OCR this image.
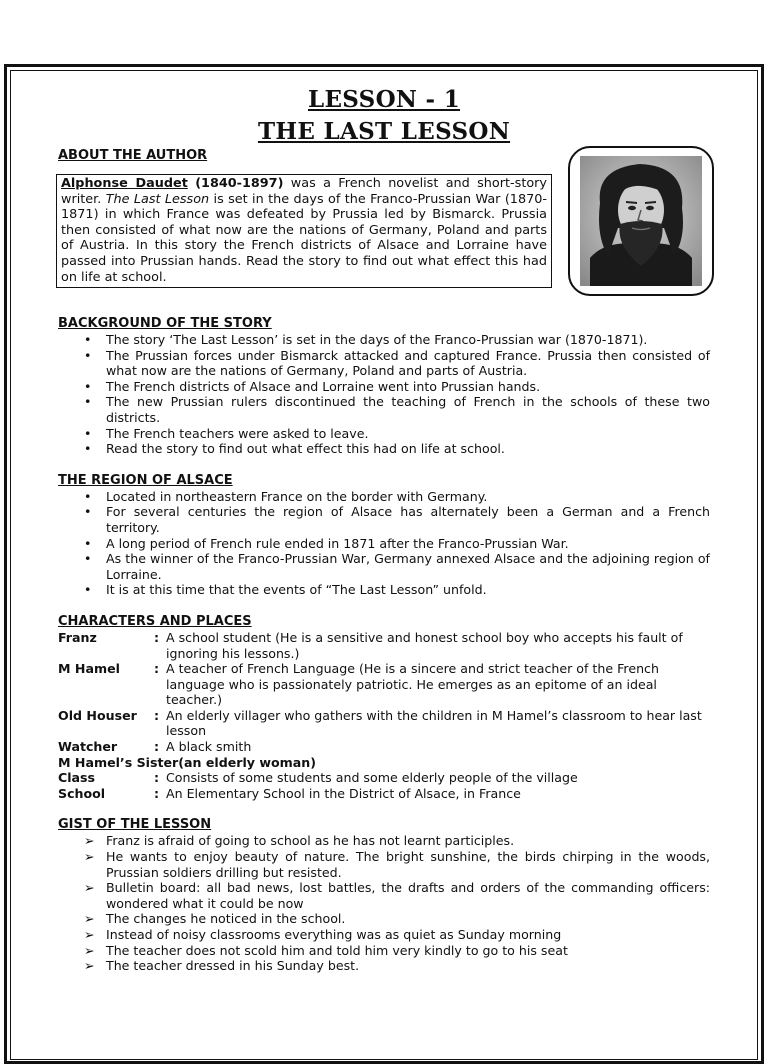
LESSON - 1
THE LAST LESSON
ABOUT THE AUTHOR
Alphonse Daudet (1840-1897) was a French novelist and short-story writer. The Last Lesson is set in the days of the Franco-Prussian War (1870-1871) in which France was defeated by Prussia led by Bismarck. Prussia then consisted of what now are the nations of Germany, Poland and parts of Austria. In this story the French districts of Alsace and Lorraine have passed into Prussian hands. Read the story to find out what effect this had on life at school.
BACKGROUND OF THE STORY
• The story ‘The Last Lesson’ is set in the days of the Franco-Prussian war (1870-1871).
• The Prussian forces under Bismarck attacked and captured France. Prussia then consisted of what now are the nations of Germany, Poland and parts of Austria.
• The French districts of Alsace and Lorraine went into Prussian hands.
• The new Prussian rulers discontinued the teaching of French in the schools of these two districts.
• The French teachers were asked to leave.
• Read the story to find out what effect this had on life at school.
THE REGION OF ALSACE
• Located in northeastern France on the border with Germany.
• For several centuries the region of Alsace has alternately been a German and a French territory.
• A long period of French rule ended in 1871 after the Franco-Prussian War.
• As the winner of the Franco-Prussian War, Germany annexed Alsace and the adjoining region of Lorraine.
• It is at this time that the events of “The Last Lesson” unfold.
CHARACTERS AND PLACES
Franz	: A school student (He is a sensitive and honest school boy who accepts his fault of ignoring his lessons.)
M Hamel	: A teacher of French Language (He is a sincere and strict teacher of the French language who is passionately patriotic. He emerges as an epitome of an ideal teacher.)
Old Houser	: An elderly villager who gathers with the children in M Hamel’s classroom to hear last lesson
Watcher	: A black smith
M Hamel’s Sister(an elderly woman)
Class	: Consists of some students and some elderly people of the village
School	: An Elementary School in the District of Alsace, in France
GIST OF THE LESSON
➢ Franz is afraid of going to school as he has not learnt participles.
➢ He wants to enjoy beauty of nature. The bright sunshine, the birds chirping in the woods, Prussian soldiers drilling but resisted.
➢ Bulletin board: all bad news, lost battles, the drafts and orders of the commanding officers: wondered what it could be now
➢ The changes he noticed in the school.
➢ Instead of noisy classrooms everything was as quiet as Sunday morning
➢ The teacher does not scold him and told him very kindly to go to his seat
➢ The teacher dressed in his Sunday best.
